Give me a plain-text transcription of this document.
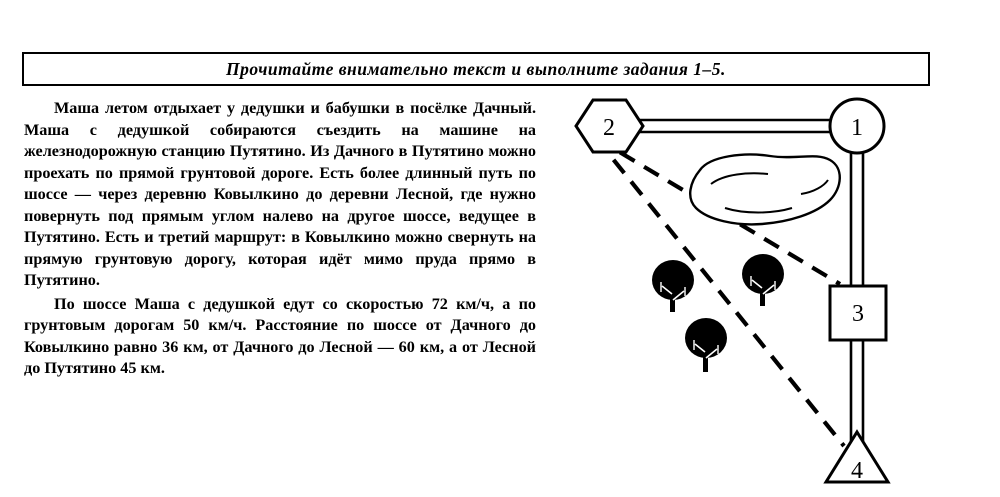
Прочитайте внимательно текст и выполните задания 1–5.

Маша летом отдыхает у дедушки и бабушки в посёлке Дачный. Маша с дедушкой собираются съездить на машине на железнодорожную станцию Путятино. Из Дачного в Путятино можно проехать по прямой грунтовой дороге. Есть более длинный путь по шоссе — через деревню Ковылкино до деревни Лесной, где нужно повернуть под прямым углом налево на другое шоссе, ведущее в Путятино. Есть и третий маршрут: в Ковылкино можно свернуть на прямую грунтовую дорогу, которая идёт мимо пруда прямо в Путятино.

По шоссе Маша с дедушкой едут со скоростью 72 км/ч, а по грунтовым дорогам 50 км/ч. Расстояние по шоссе от Дачного до Ковылкино равно 36 км, от Дачного до Лесной — 60 км, а от Лесной до Путятино 45 км.

1
2
3
4
